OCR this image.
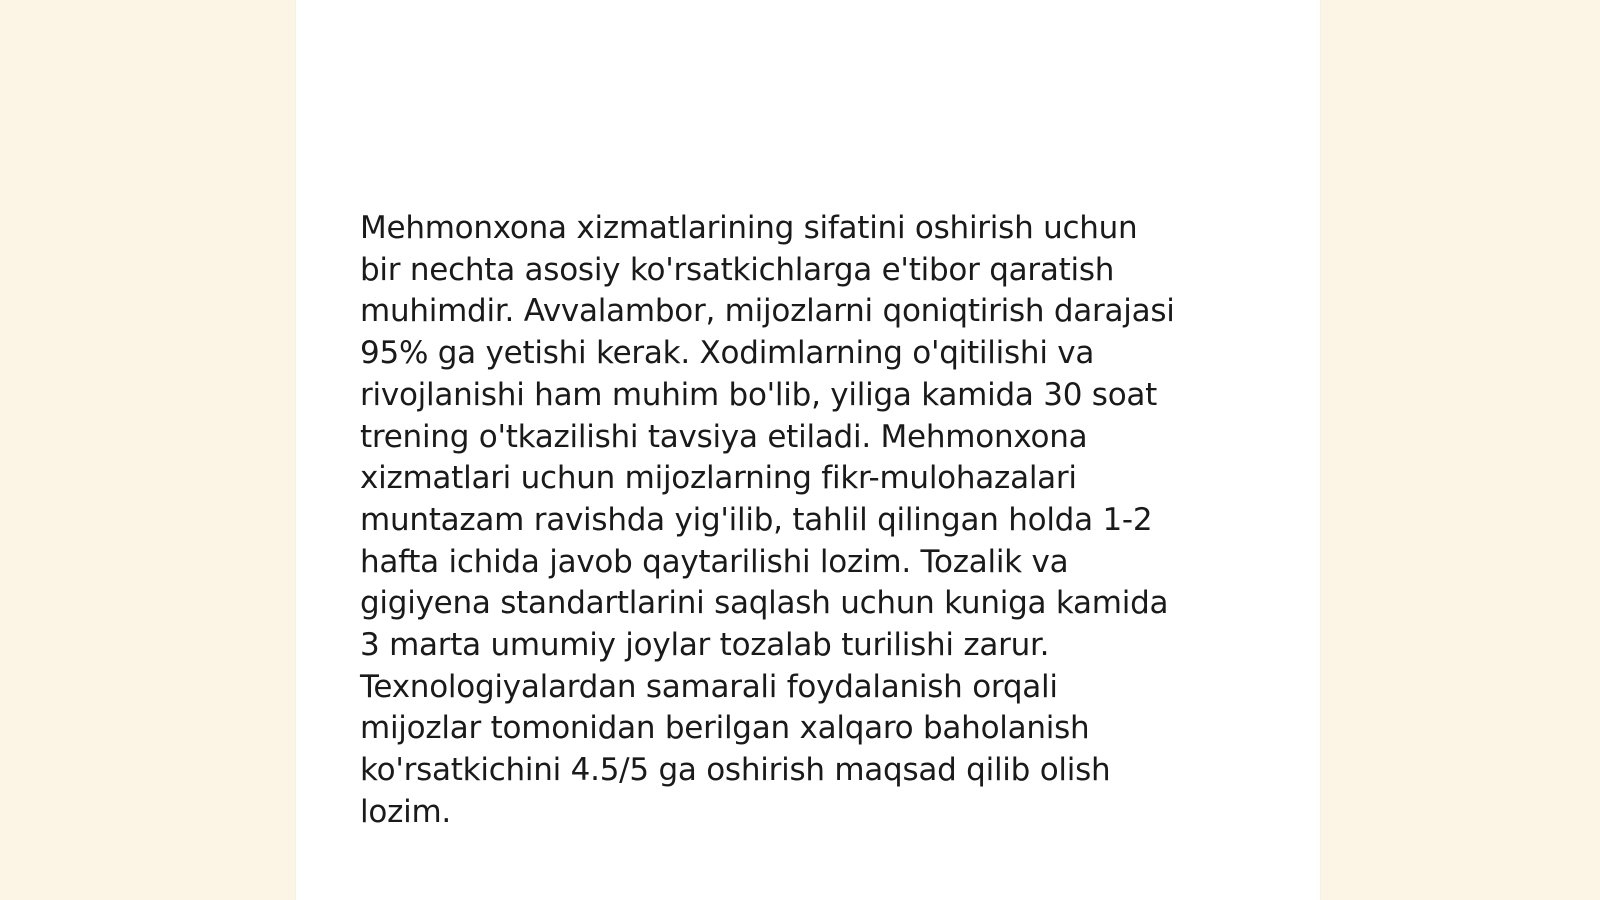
Mehmonxona xizmatlarining sifatini oshirish uchun
bir nechta asosiy ko'rsatkichlarga e'tibor qaratish
muhimdir. Avvalambor, mijozlarni qoniqtirish darajasi
95% ga yetishi kerak. Xodimlarning o'qitilishi va
rivojlanishi ham muhim bo'lib, yiliga kamida 30 soat
trening o'tkazilishi tavsiya etiladi. Mehmonxona
xizmatlari uchun mijozlarning fikr-mulohazalari
muntazam ravishda yig'ilib, tahlil qilingan holda 1-2
hafta ichida javob qaytarilishi lozim. Tozalik va
gigiyena standartlarini saqlash uchun kuniga kamida
3 marta umumiy joylar tozalab turilishi zarur.
Texnologiyalardan samarali foydalanish orqali
mijozlar tomonidan berilgan xalqaro baholanish
ko'rsatkichini 4.5/5 ga oshirish maqsad qilib olish
lozim.
